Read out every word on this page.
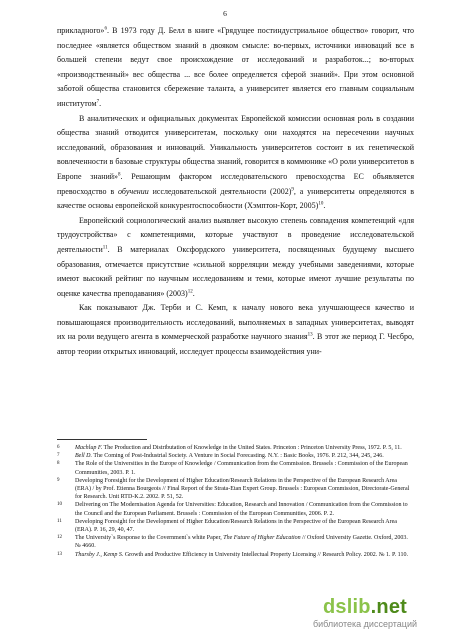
6

прикладного»$^6$. В 1973 году Д. Белл в книге «Грядущее постиндустриальное общество» говорит, что последнее «является обществом знаний в двояком смысле: во-первых, источники инноваций все в большей степени ведут свое происхождение от исследований и разработок...; во-вторых «производственный» вес общества ... все более определяется сферой знаний». При этом основной заботой общества становится сбережение таланта, а университет является его главным социальным институтом$^7$.

В аналитических и официальных документах Европейской комиссии основная роль в создании общества знаний отводится университетам, поскольку они находятся на пересечении научных исследований, образования и инноваций. Уникальность университетов состоит в их генетической вовлеченности в базовые структуры общества знаний, говорится в коммюнике «О роли университетов в Европе знаний»$^8$. Решающим фактором исследовательского превосходства ЕС объявляется превосходство в обучении исследовательской деятельности $(2002)^9$, а университеты определяются в качестве основы европейской конкурентоспособности (Хэмптон-Корт, 2005)$^{10}$.

Европейский социологический анализ выявляет высокую степень совпадения компетенций «для трудоустройства» с компетенциями, которые участвуют в проведение исследовательской деятельности$^{11}$. В материалах Оксфордского университета, посвященных будущему высшего образования, отмечается присутствие «сильной корреляции между учебными заведениями, которые имеют высокий рейтинг по научным исследованиям и теми, которые имеют лучшие результаты по оценке качества преподавания» $(2003)^{12}$.

Как показывают Дж. Терби и С. Кемп, к началу нового века улучшающееся качество и повышающаяся производительность исследований, выполняемых в западных университетах, выводят их на роли ведущего агента в коммерческой разработке научного знания$^{13}$. В этот же период Г. Чесбро, автор теории открытых инноваций, исследует процессы взаимодействия уни-

6	Machlup F. The Production and Distributation of Knowledge in the United States. Princeton : Princeton University Press, 1972. P. 5, 11.
7	Bell D. The Coming of Post-Industrial Society. A Venture in Social Forecasting. N.Y. : Basic Books, 1976. P. 212, 344, 245, 246.
8	The Role of the Universities in the Europe of Knowledge / Communication from the Commission. Brussels : Commission of the European Communities, 2003. P. 1.
9	Developing Foresight for the Development of Higher Education/Research Relations in the Perspective of the European Research Area (ERA) / by Prof. Etienna Bourgeois // Final Report of the Strata-Etan Expert Group. Brussels : European Commission, Directorate-General for Research. Unit RTD-K.2. 2002. P. 51, 52.
10	Delivering on The Modernisation Agenda for Universities: Education, Research and Innovation / Communication from the Commission to the Council and the European Parliament. Brussels : Commission of the European Communities, 2006. P. 2.
11	Developing Foresight for the Development of Higher Education/Research Relations in the Perspective of the European Research Area (ERA). P. 16, 29, 40, 47.
12	The University`s Response to the Covernment`s white Paper, The Future of Higher Education // Oxford University Gazette. Oxford, 2003. № 4660.
13	Thursby J., Kemp S. Growth and Productive Efficiency in University Intellectual Property Licensing // Research Policy. 2002. № 1. P. 110.
dslib.net
библиотека диссертаций
